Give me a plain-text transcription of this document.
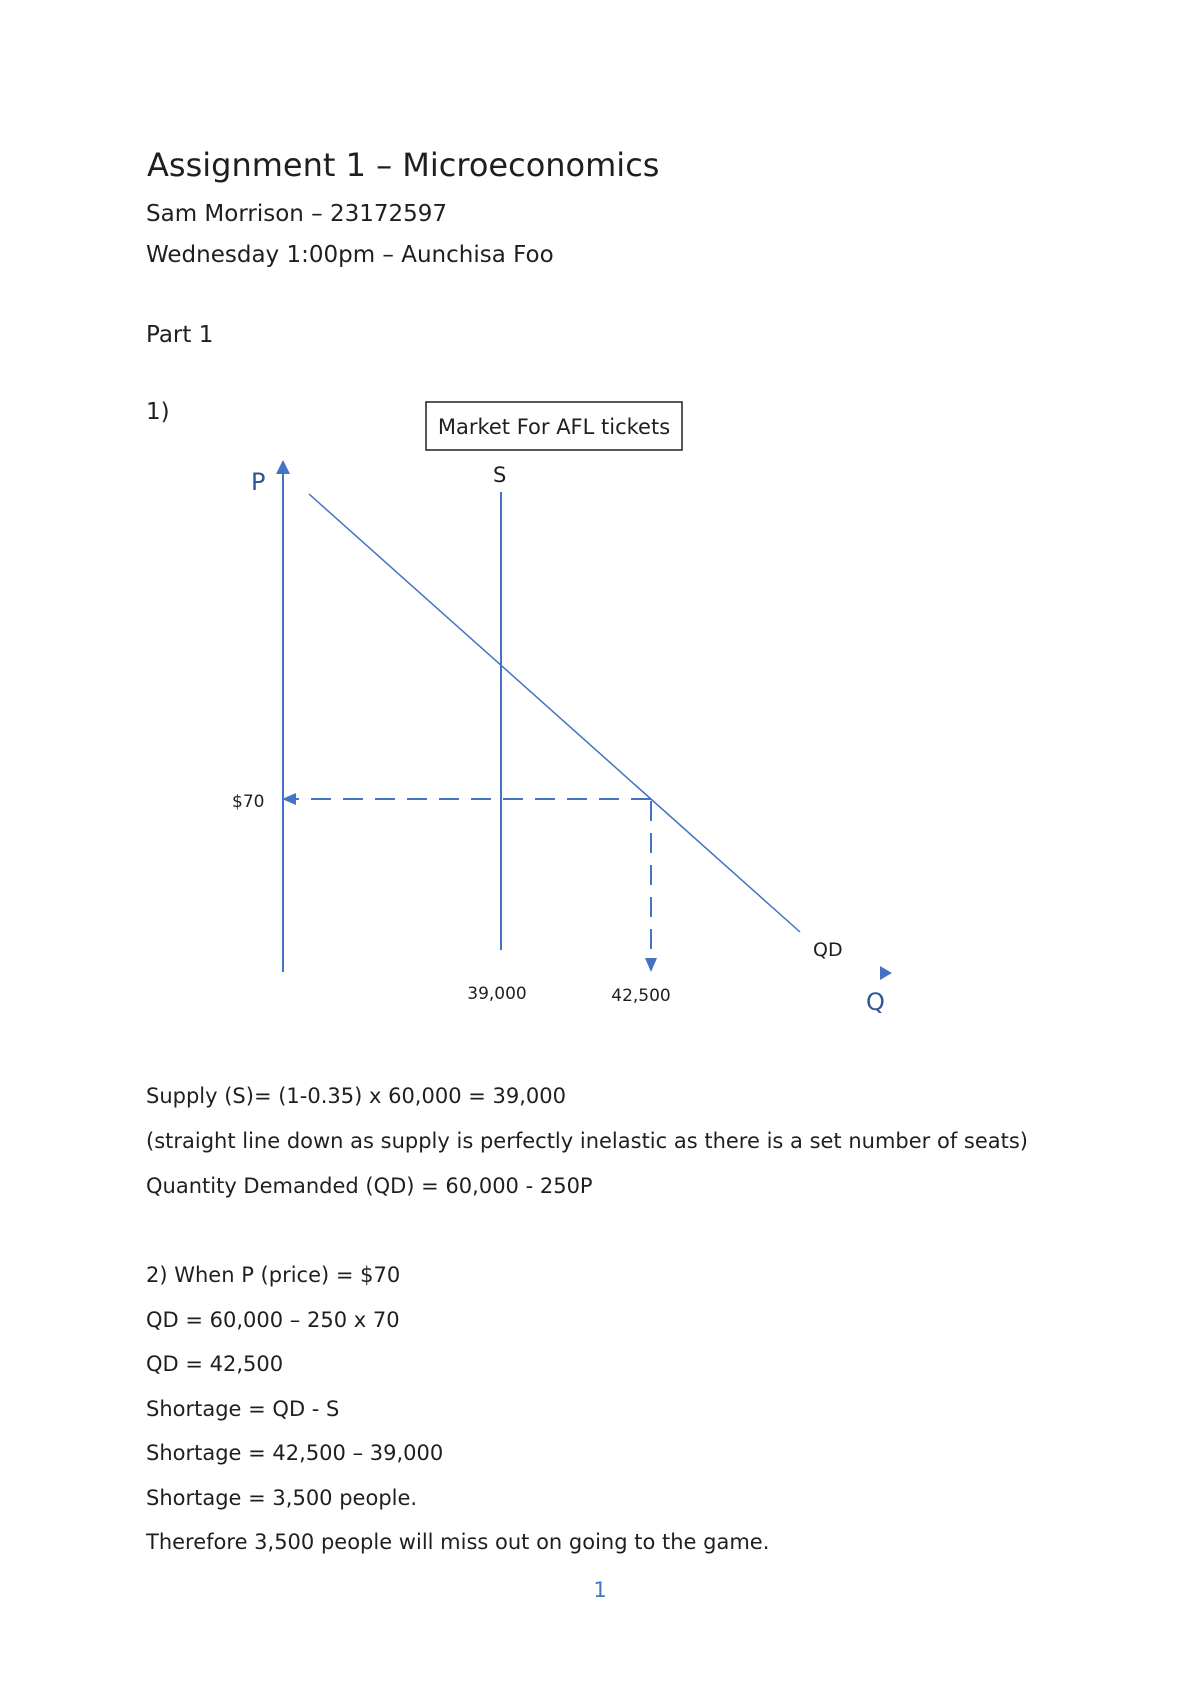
Assignment 1 – Microeconomics
Sam Morrison – 23172597
Wednesday 1:00pm – Aunchisa Foo
Part 1
1)
Market For AFL tickets
P
Q
S
QD
$70
39,000	42,500
Supply (S)= (1-0.35) x 60,000 = 39,000
(straight line down as supply is perfectly inelastic as there is a set number of seats)
Quantity Demanded (QD) = 60,000 - 250P
2) When P (price) = $70
QD = 60,000 – 250 x 70
QD = 42,500
Shortage = QD - S
Shortage = 42,500 – 39,000
Shortage = 3,500 people.
Therefore 3,500 people will miss out on going to the game.
1
